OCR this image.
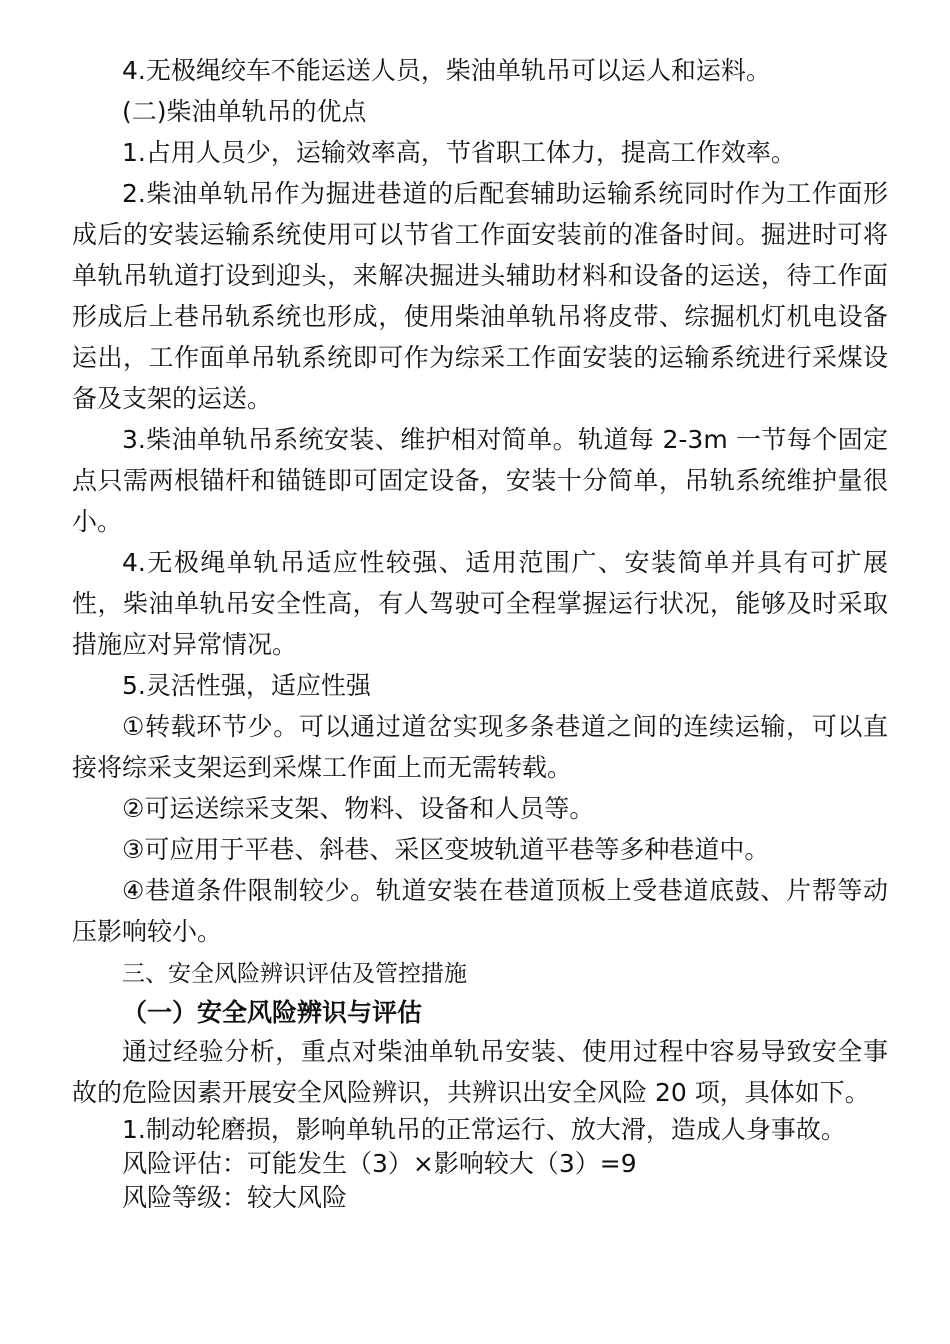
4.无极绳绞车不能运送人员，柴油单轨吊可以运人和运料。

(二)柴油单轨吊的优点

1.占用人员少，运输效率高，节省职工体力，提高工作效率。

2.柴油单轨吊作为掘进巷道的后配套辅助运输系统同时作为工作面形成后的安装运输系统使用可以节省工作面安装前的准备时间。掘进时可将单轨吊轨道打设到迎头，来解决掘进头辅助材料和设备的运送，待工作面形成后上巷吊轨系统也形成，使用柴油单轨吊将皮带、综掘机灯机电设备运出，工作面单吊轨系统即可作为综采工作面安装的运输系统进行采煤设备及支架的运送。

3.柴油单轨吊系统安装、维护相对简单。轨道每 2-3m 一节每个固定点只需两根锚杆和锚链即可固定设备，安装十分简单，吊轨系统维护量很小。

4.无极绳单轨吊适应性较强、适用范围广、安装简单并具有可扩展性，柴油单轨吊安全性高，有人驾驶可全程掌握运行状况，能够及时采取措施应对异常情况。

5.灵活性强，适应性强

①转载环节少。可以通过道岔实现多条巷道之间的连续运输，可以直接将综采支架运到采煤工作面上而无需转载。

②可运送综采支架、物料、设备和人员等。

③可应用于平巷、斜巷、采区变坡轨道平巷等多种巷道中。

④巷道条件限制较少。轨道安装在巷道顶板上受巷道底鼓、片帮等动压影响较小。

三、安全风险辨识评估及管控措施

（一）安全风险辨识与评估

通过经验分析，重点对柴油单轨吊安装、使用过程中容易导致安全事故的危险因素开展安全风险辨识，共辨识出安全风险 20 项，具体如下。

1.制动轮磨损，影响单轨吊的正常运行、放大滑，造成人身事故。

风险评估：可能发生（3）×影响较大（3）=9

风险等级：较大风险
